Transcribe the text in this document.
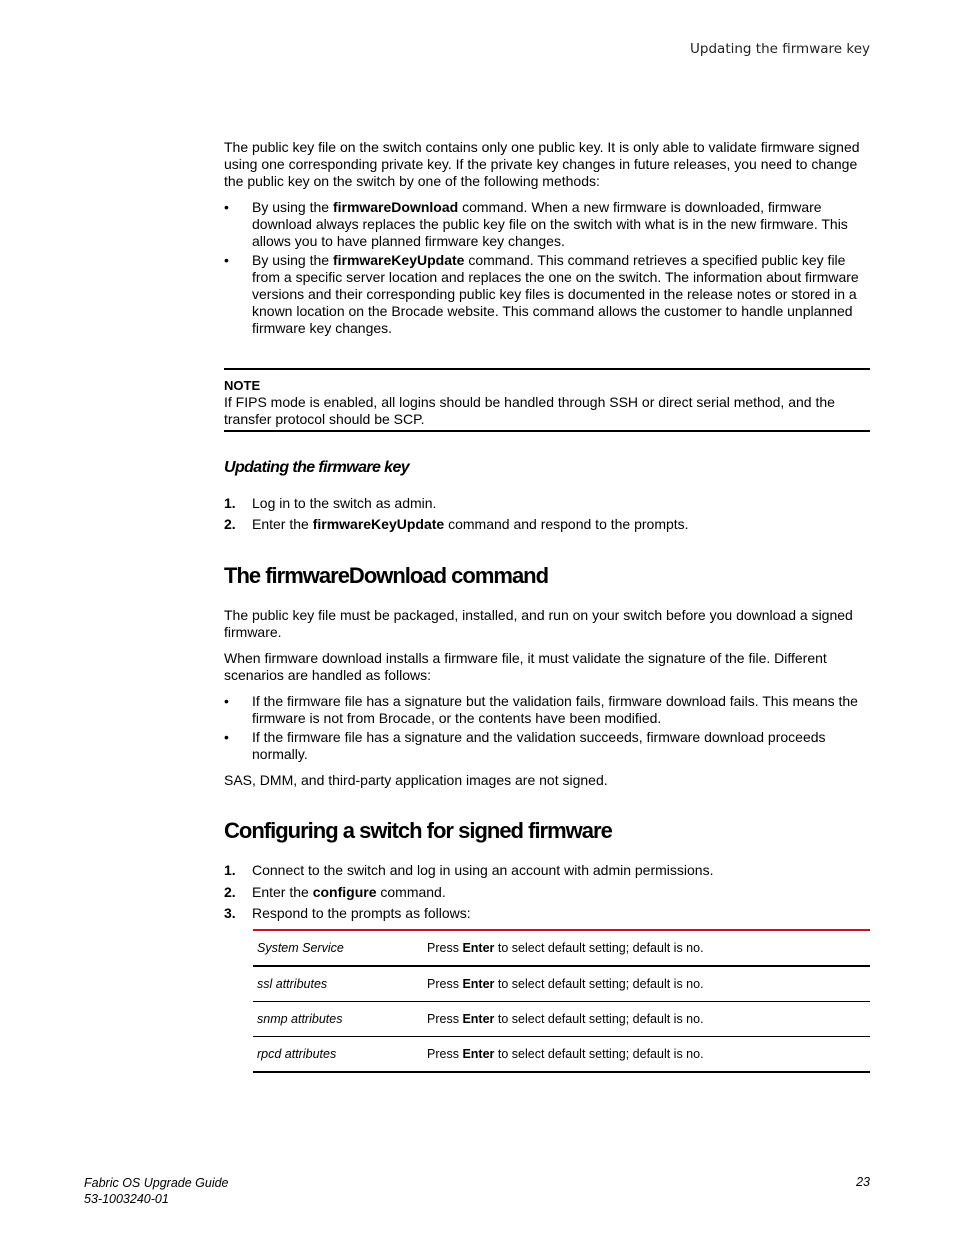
Updating the firmware key

The public key file on the switch contains only one public key. It is only able to validate firmware signed using one corresponding private key. If the private key changes in future releases, you need to change the public key on the switch by one of the following methods:

• By using the firmwareDownload command. When a new firmware is downloaded, firmware download always replaces the public key file on the switch with what is in the new firmware. This allows you to have planned firmware key changes.
• By using the firmwareKeyUpdate command. This command retrieves a specified public key file from a specific server location and replaces the one on the switch. The information about firmware versions and their corresponding public key files is documented in the release notes or stored in a known location on the Brocade website. This command allows the customer to handle unplanned firmware key changes.
NOTE
If FIPS mode is enabled, all logins should be handled through SSH or direct serial method, and the transfer protocol should be SCP.
Updating the firmware key
1. Log in to the switch as admin.
2. Enter the firmwareKeyUpdate command and respond to the prompts.
The firmwareDownload command

The public key file must be packaged, installed, and run on your switch before you download a signed firmware.

When firmware download installs a firmware file, it must validate the signature of the file. Different scenarios are handled as follows:

• If the firmware file has a signature but the validation fails, firmware download fails. This means the firmware is not from Brocade, or the contents have been modified.
• If the firmware file has a signature and the validation succeeds, firmware download proceeds normally.

SAS, DMM, and third-party application images are not signed.

Configuring a switch for signed firmware
1. Connect to the switch and log in using an account with admin permissions.
2. Enter the configure command.
3. Respond to the prompts as follows:
System Service	Press Enter to select default setting; default is no.
ssl attributes	Press Enter to select default setting; default is no.
snmp attributes	Press Enter to select default setting; default is no.
rpcd attributes	Press Enter to select default setting; default is no.
Fabric OS Upgrade Guide
53-1003240-01
23
